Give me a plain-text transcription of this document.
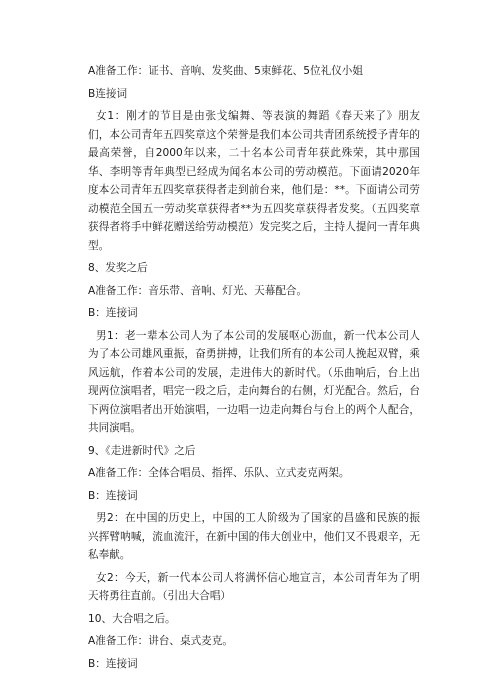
A准备工作：证书、音响、发奖曲、5束鲜花、5位礼仪小姐

B连接词

女1：刚才的节目是由张戈编舞、等表演的舞蹈《春天来了》朋友们，本公司青年五四奖章这个荣誉是我们本公司共青团系统授予青年的最高荣誉，自2000年以来，二十名本公司青年获此殊荣，其中那国华、李明等青年典型已经成为闻名本公司的劳动模范。下面请2020年度本公司青年五四奖章获得者走到前台来，他们是：**。下面请公司劳动模范全国五一劳动奖章获得者**为五四奖章获得者发奖。（五四奖章获得者将手中鲜花赠送给劳动模范）发完奖之后，主持人提问一青年典型。

8、发奖之后

A准备工作：音乐带、音响、灯光、天幕配合。

B：连接词

男1：老一辈本公司人为了本公司的发展呕心沥血，新一代本公司人为了本公司雄风重振，奋勇拼搏，让我们所有的本公司人挽起双臂，乘风远航，作着本公司的发展，走进伟大的新时代。（乐曲响后，台上出现两位演唱者，唱完一段之后，走向舞台的右侧，灯光配合。然后，台下两位演唱者出开始演唱，一边唱一边走向舞台与台上的两个人配合，共同演唱。

9、《走进新时代》之后

A准备工作：全体合唱员、指挥、乐队、立式麦克两架。

B：连接词

男2：在中国的历史上，中国的工人阶级为了国家的昌盛和民族的振兴挥臂呐喊，流血流汗，在新中国的伟大创业中，他们又不畏艰辛，无私奉献。

女2：今天，新一代本公司人将满怀信心地宣言，本公司青年为了明天将勇往直前。（引出大合唱）

10、大合唱之后。

A准备工作：讲台、桌式麦克。

B：连接词
